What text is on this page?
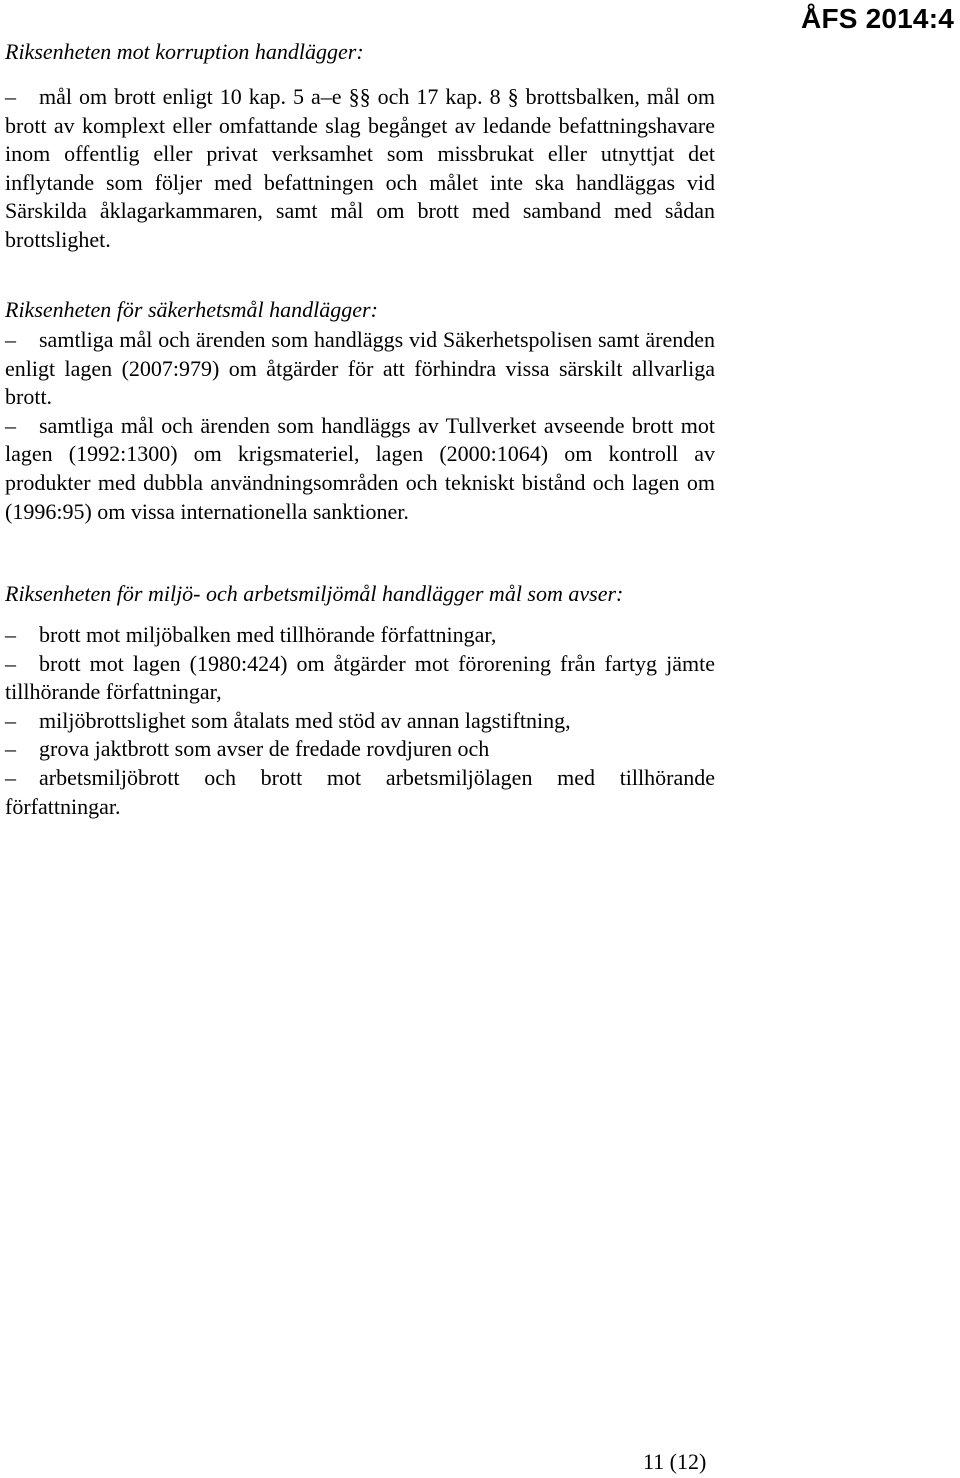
ÅFS 2014:4

Riksenheten mot korruption handlägger:

– mål om brott enligt 10 kap. 5 a–e §§ och 17 kap. 8 § brottsbalken, mål om brott av komplext eller omfattande slag begånget av ledande befattningshavare inom offentlig eller privat verksamhet som missbrukat eller utnyttjat det inflytande som följer med befattningen och målet inte ska handläggas vid Särskilda åklagarkammaren, samt mål om brott med samband med sådan brottslighet.

Riksenheten för säkerhetsmål handlägger:

– samtliga mål och ärenden som handläggs vid Säkerhetspolisen samt ärenden enligt lagen (2007:979) om åtgärder för att förhindra vissa särskilt allvarliga brott.

– samtliga mål och ärenden som handläggs av Tullverket avseende brott mot lagen (1992:1300) om krigsmateriel, lagen (2000:1064) om kontroll av produkter med dubbla användningsområden och tekniskt bistånd och lagen om (1996:95) om vissa internationella sanktioner.

Riksenheten för miljö- och arbetsmiljömål handlägger mål som avser:

– brott mot miljöbalken med tillhörande författningar,

– brott mot lagen (1980:424) om åtgärder mot förorening från fartyg jämte tillhörande författningar,

– miljöbrottslighet som åtalats med stöd av annan lagstiftning,

– grova jaktbrott som avser de fredade rovdjuren och

– arbetsmiljöbrott och brott mot arbetsmiljölagen med tillhörande författningar.

11 (12)
